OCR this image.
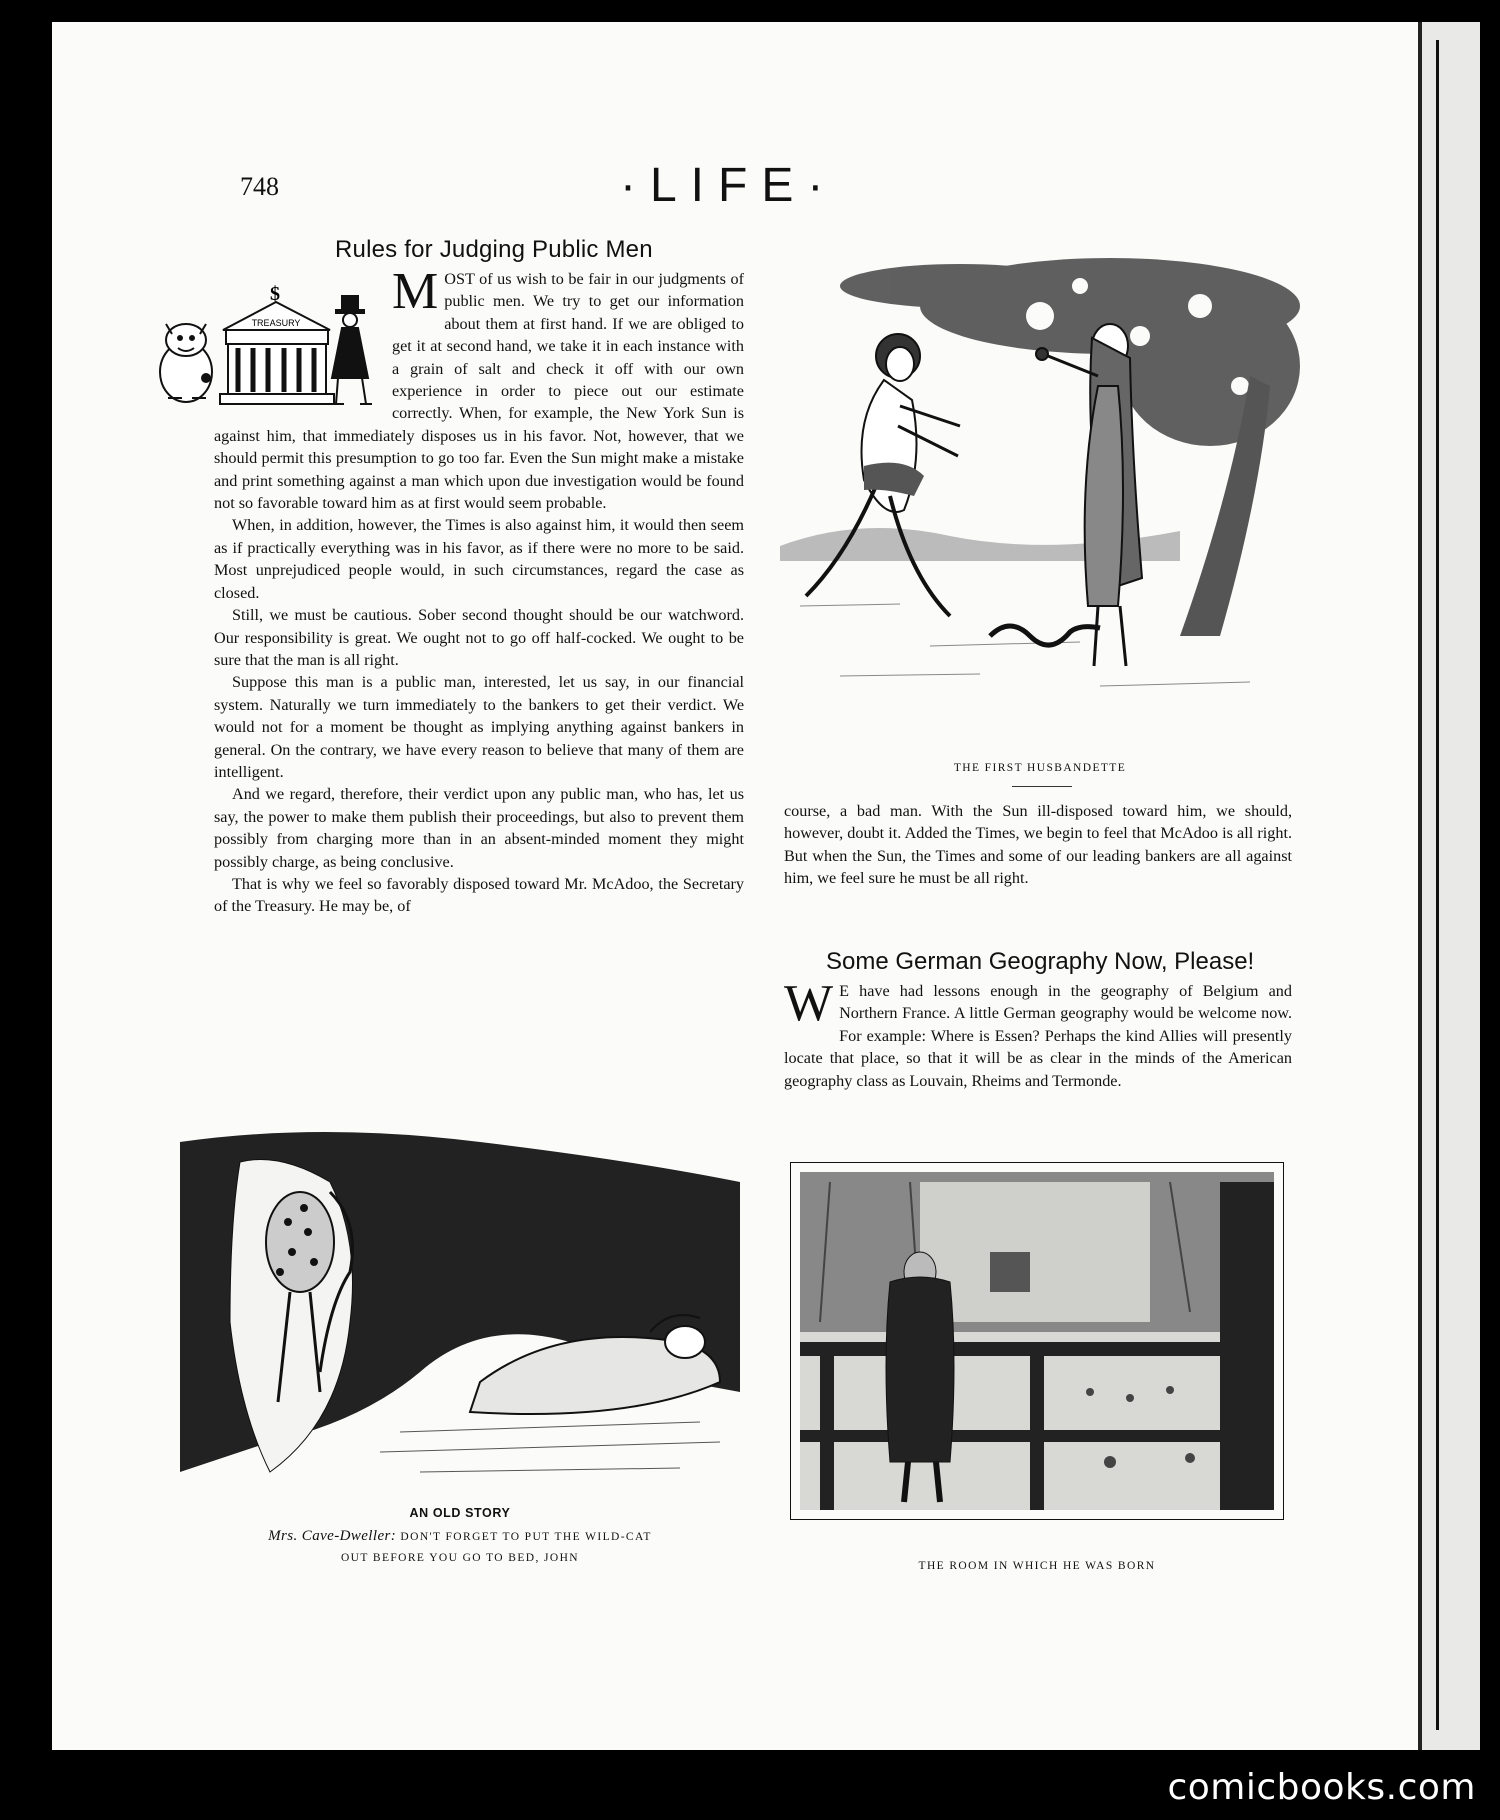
748	·LIFE·
Rules for Judging Public Men
TREASURY
$ MOST of us wish to be fair in our judgments of public men. We try to get our information about them at first hand. If we are obliged to get it at second hand, we take it in each instance with a grain of salt and check it off with our own experience in order to piece out our estimate correctly. When, for example, the New York Sun is against him, that immediately disposes us in his favor. Not, however, that we should permit this presumption to go too far. Even the Sun might make a mistake and print something against a man which upon due investigation would be found not so favorable toward him as at first would seem probable.

When, in addition, however, the Times is also against him, it would then seem as if practically everything was in his favor, as if there were no more to be said. Most unprejudiced people would, in such circumstances, regard the case as closed.

Still, we must be cautious. Sober second thought should be our watchword. Our responsibility is great. We ought not to go off half-cocked. We ought to be sure that the man is all right.

Suppose this man is a public man, interested, let us say, in our financial system. Naturally we turn immediately to the bankers to get their verdict. We would not for a moment be thought as implying anything against bankers in general. On the contrary, we have every reason to believe that many of them are intelligent.

And we regard, therefore, their verdict upon any public man, who has, let us say, the power to make them publish their proceedings, but also to prevent them possibly from charging more than in an absent-minded moment they might possibly charge, as being conclusive.

That is why we feel so favorably disposed toward Mr. McAdoo, the Secretary of the Treasury. He may be, of

THE FIRST HUSBANDETTE

course, a bad man. With the Sun ill-disposed toward him, we should, however, doubt it. Added the Times, we begin to feel that McAdoo is all right. But when the Sun, the Times and some of our leading bankers are all against him, we feel sure he must be all right.

Some German Geography Now, Please!

W E have had lessons enough in the geography of Belgium and Northern France. A little German geography would be welcome now. For example: Where is Essen? Perhaps the kind Allies will presently locate that place, so that it will be as clear in the minds of the American geography class as Louvain, Rheims and Termonde.

AN OLD STORY
Mrs. Cave-Dweller: DON'T FORGET TO PUT THE WILD-CAT
OUT BEFORE YOU GO TO BED, JOHN
THE ROOM IN WHICH HE WAS BORN
comicbooks.com
